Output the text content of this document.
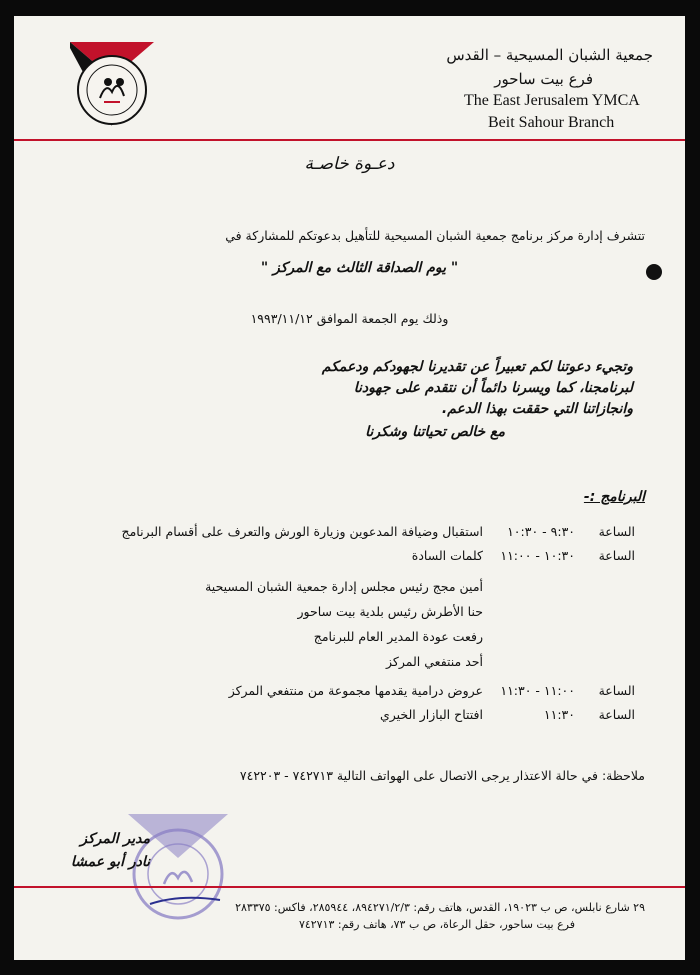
جمعية الشبان المسيحية – القدس
فرع بيت ساحور
The East Jerusalem YMCA
Beit Sahour Branch
دعـوة خاصـة
تتشرف إدارة مركز برنامج جمعية الشبان المسيحية للتأهيل بدعوتكم للمشاركة في
" يوم الصداقة الثالث مع المركز "
وذلك يوم الجمعة الموافق ١٩٩٣/١١/١٢
وتجيء دعوتنا لكم تعبيراً عن تقديرنا لجهودكم ودعمكم
لبرنامجنا، كما ويسرنا دائماً أن نتقدم على جهودنا
وانجازاتنا التي حققت بهذا الدعم.
مع خالص تحياتنا وشكرنا
البرنامج :-
الساعة
٩:٣٠ - ١٠:٣٠
استقبال وضيافة المدعوين وزيارة الورش والتعرف على أقسام البرنامج
الساعة
١٠:٣٠ - ١١:٠٠
كلمات السادة
أمين مجج رئيس مجلس إدارة جمعية الشبان المسيحية
حنا الأطرش رئيس بلدية بيت ساحور
رفعت عودة المدير العام للبرنامج
أحد منتفعي المركز
الساعة
١١:٠٠ - ١١:٣٠
عروض درامية يقدمها مجموعة من منتفعي المركز
الساعة
١١:٣٠
افتتاح البازار الخيري
ملاحظة: في حالة الاعتذار يرجى الاتصال على الهواتف التالية ٧٤٢٧١٣ - ٧٤٢٢٠٣
مدير المركز
نادر أبو عمشا
٢٩ شارع نابلس، ص ب ١٩٠٢٣، القدس، هاتف رقم: ٨٩٤٢٧١/٢/٣، ٢٨٥٩٤٤، فاكس: ٢٨٣٣٧٥
فرع بيت ساحور، حقل الرعاة، ص ب ٧٣، هاتف رقم: ٧٤٢٧١٣
